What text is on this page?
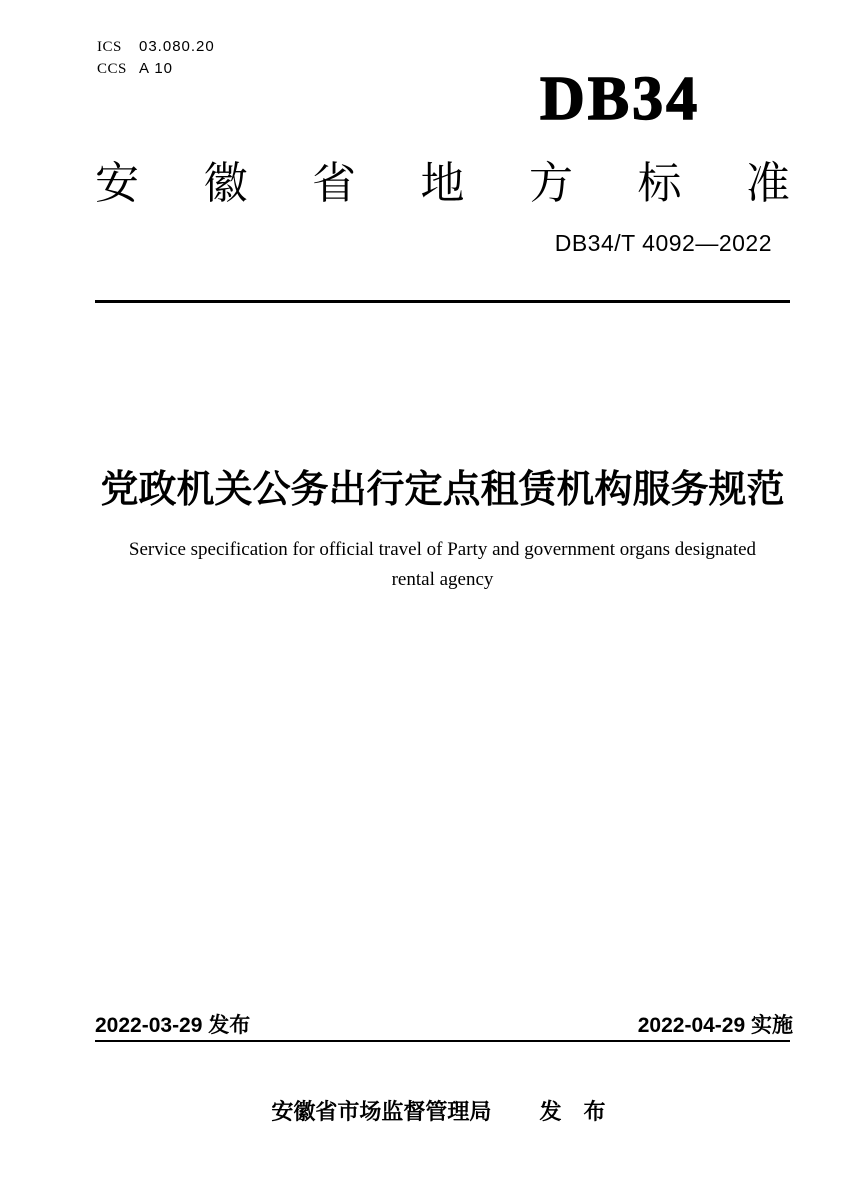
ICS	03.080.20
CCS A 10	DB34
安 徽 省 地 方 标 准
DB34/T 4092—2022
党政机关公务出行定点租赁机构服务规范
Service specification for official travel of Party and government organs designated
rental agency
2022-03-29 发布	2022-04-29 实施
安徽省市场监督管理局 发 布
